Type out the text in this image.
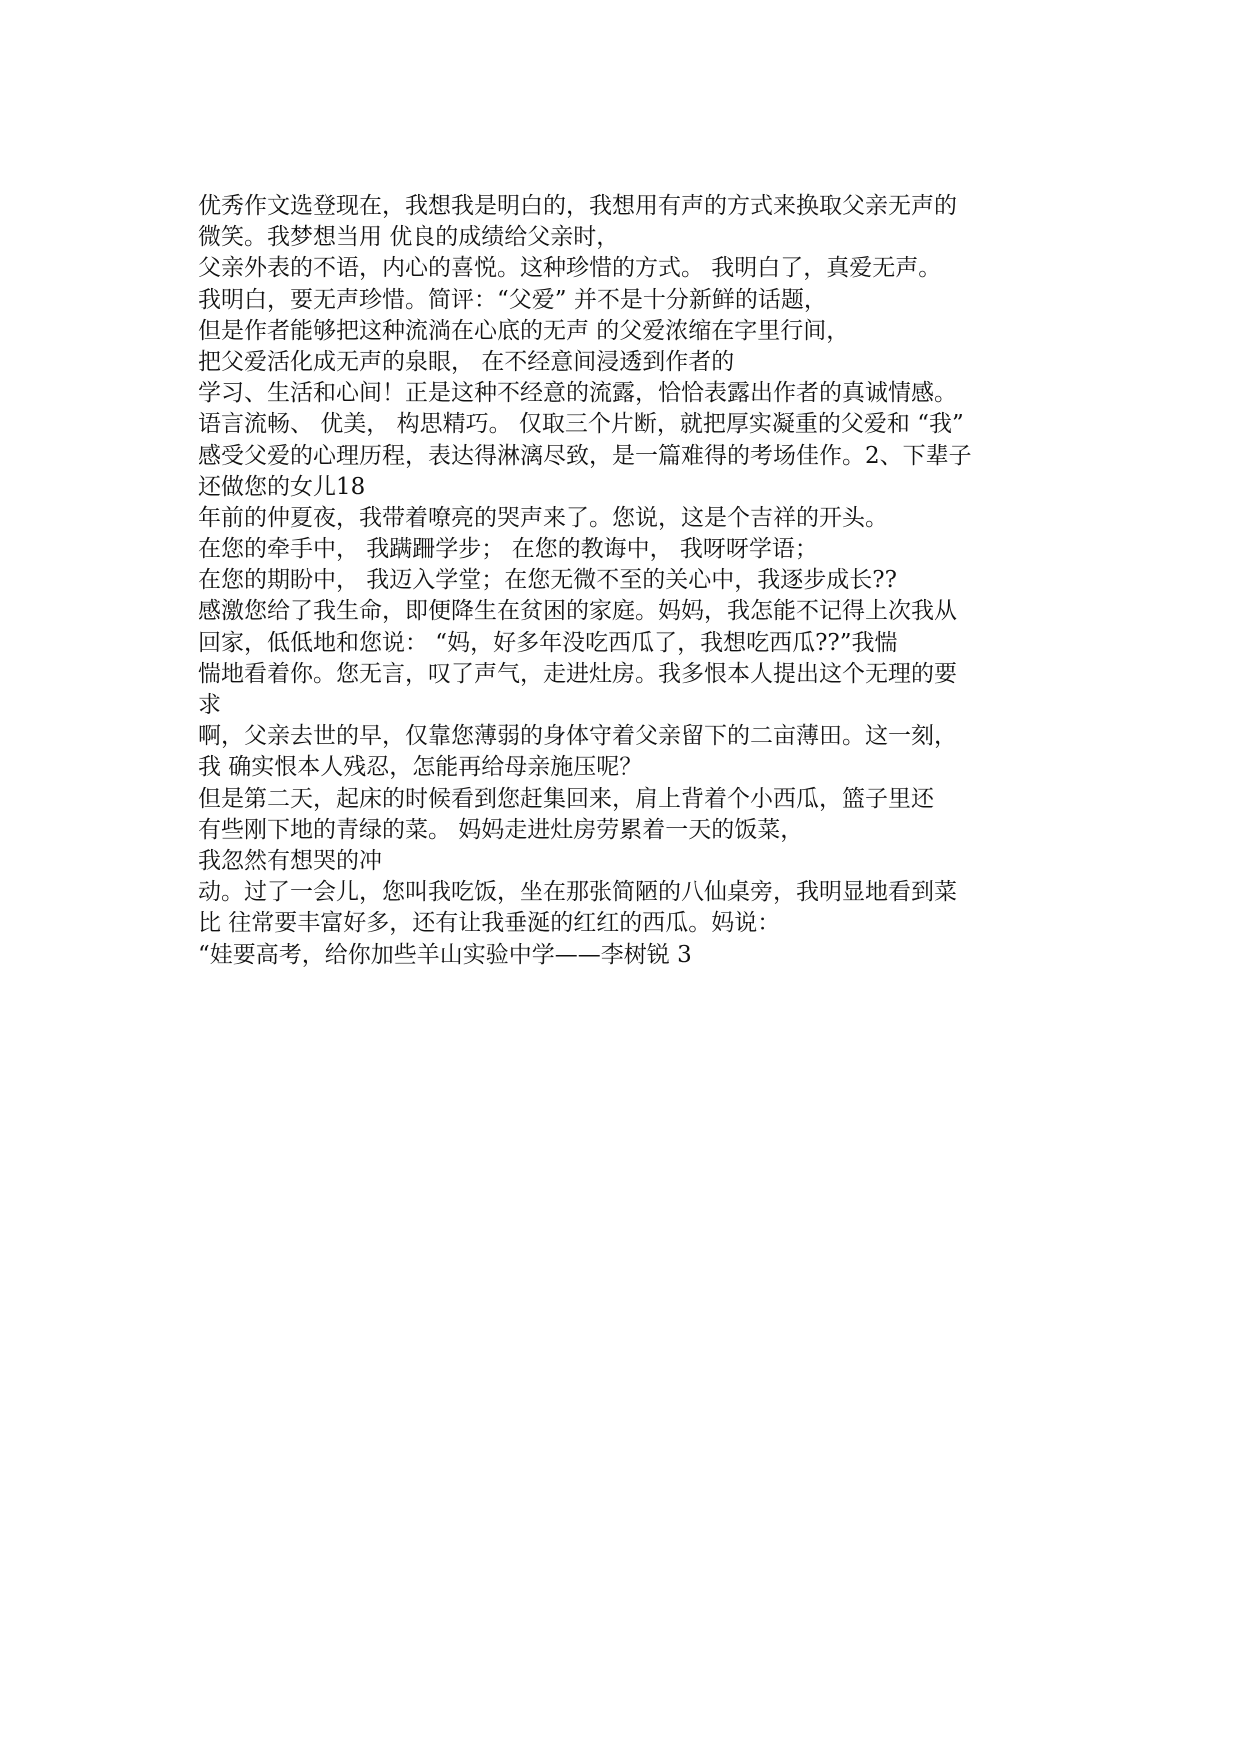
优秀作文选登现在，我想我是明白的，我想用有声的方式来换取父亲无声的

微笑。我梦想当用 优良的成绩给父亲时，

父亲外表的不语，内心的喜悦。这种珍惜的方式。 我明白了，真爱无声。

我明白，要无声珍惜。简评：“父爱” 并不是十分新鲜的话题，

但是作者能够把这种流淌在心底的无声 的父爱浓缩在字里行间，

把父爱活化成无声的泉眼， 在不经意间浸透到作者的

学习、生活和心间！正是这种不经意的流露，恰恰表露出作者的真诚情感。

语言流畅、 优美， 构思精巧。 仅取三个片断，就把厚实凝重的父爱和 “我”

感受父爱的心理历程，表达得淋漓尽致，是一篇难得的考场佳作。2、下辈子

还做您的女儿18

年前的仲夏夜，我带着嘹亮的哭声来了。您说，这是个吉祥的开头。

在您的牵手中， 我蹒跚学步； 在您的教诲中， 我呀呀学语；

在您的期盼中， 我迈入学堂；在您无微不至的关心中，我逐步成长??

感激您给了我生命，即便降生在贫困的家庭。妈妈，我怎能不记得上次我从

回家，低低地和您说： “妈，好多年没吃西瓜了，我想吃西瓜??”我惴

惴地看着你。您无言，叹了声气，走进灶房。我多恨本人提出这个无理的要

求

啊，父亲去世的早，仅靠您薄弱的身体守着父亲留下的二亩薄田。这一刻，

我 确实恨本人残忍，怎能再给母亲施压呢？

但是第二天，起床的时候看到您赶集回来，肩上背着个小西瓜，篮子里还

有些刚下地的青绿的菜。 妈妈走进灶房劳累着一天的饭菜，

我忽然有想哭的冲

动。过了一会儿，您叫我吃饭，坐在那张简陋的八仙桌旁，我明显地看到菜

比 往常要丰富好多，还有让我垂涎的红红的西瓜。妈说：

“娃要高考，给你加些羊山实验中学——李树锐 3
